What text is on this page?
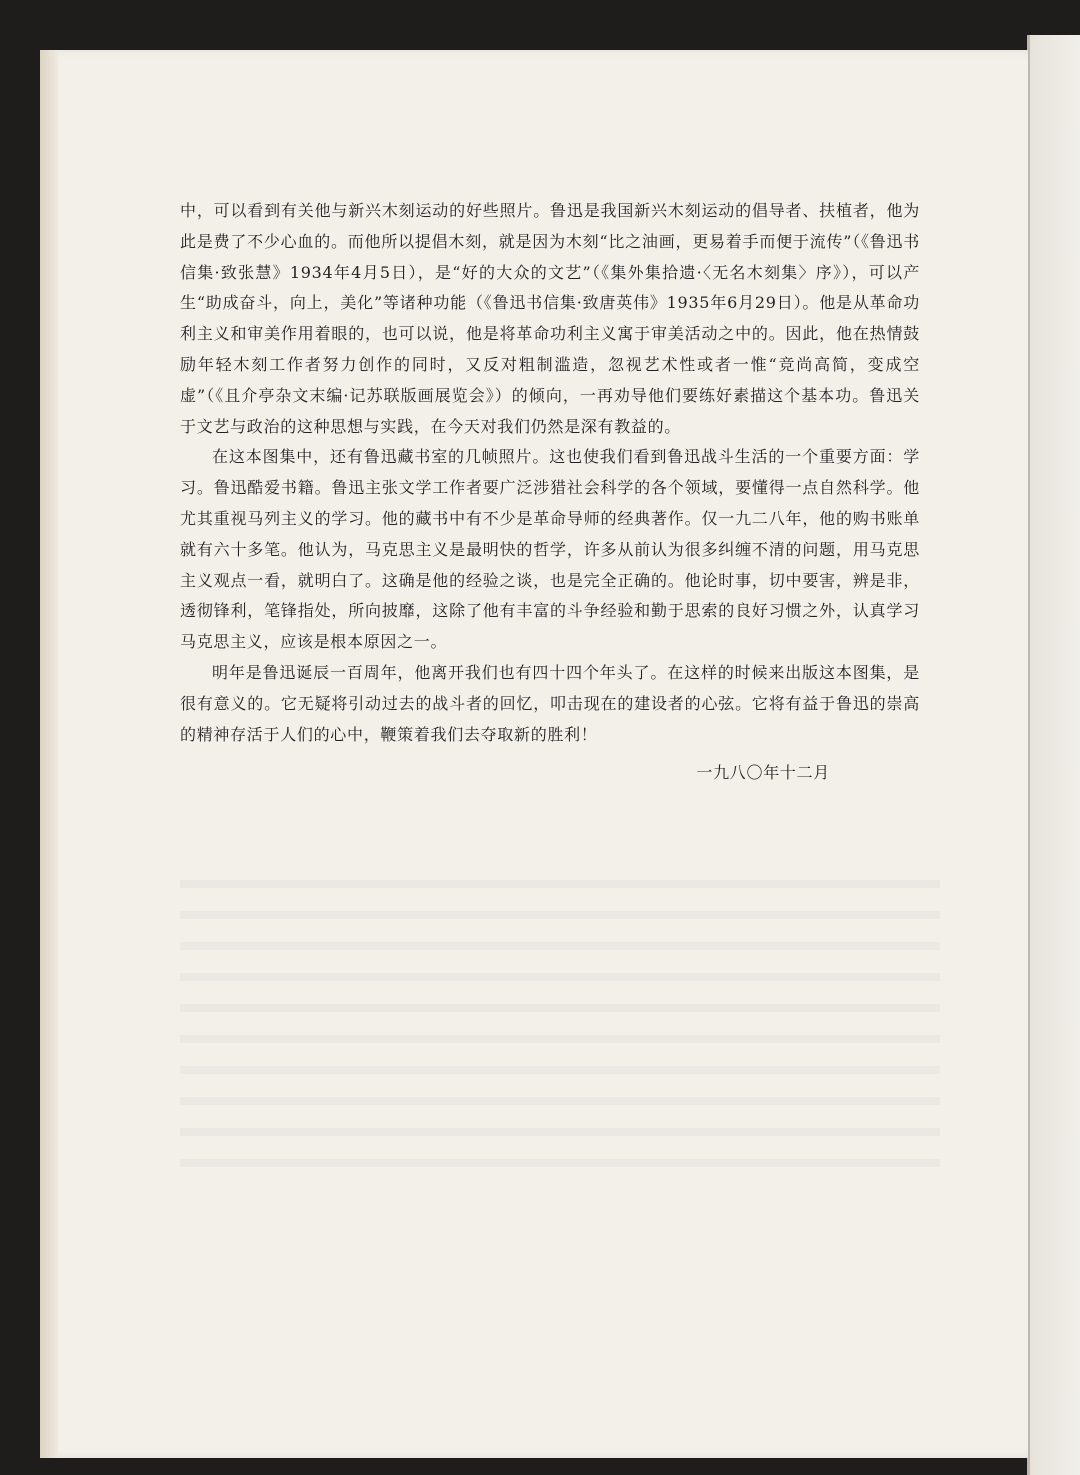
中，可以看到有关他与新兴木刻运动的好些照片。鲁迅是我国新兴木刻运动的倡导者、扶植者，他为此是费了不少心血的。而他所以提倡木刻，就是因为木刻“比之油画，更易着手而便于流传”（《鲁迅书信集·致张慧》1934年4月5日），是“好的大众的文艺”（《集外集拾遗·〈无名木刻集〉序》），可以产生“助成奋斗，向上，美化”等诸种功能（《鲁迅书信集·致唐英伟》1935年6月29日）。他是从革命功利主义和审美作用着眼的，也可以说，他是将革命功利主义寓于审美活动之中的。因此，他在热情鼓励年轻木刻工作者努力创作的同时，又反对粗制滥造，忽视艺术性或者一惟“竞尚高简，变成空虚”（《且介亭杂文末编·记苏联版画展览会》）的倾向，一再劝导他们要练好素描这个基本功。鲁迅关于文艺与政治的这种思想与实践，在今天对我们仍然是深有教益的。

在这本图集中，还有鲁迅藏书室的几帧照片。这也使我们看到鲁迅战斗生活的一个重要方面：学习。鲁迅酷爱书籍。鲁迅主张文学工作者要广泛涉猎社会科学的各个领域，要懂得一点自然科学。他尤其重视马列主义的学习。他的藏书中有不少是革命导师的经典著作。仅一九二八年，他的购书账单就有六十多笔。他认为，马克思主义是最明快的哲学，许多从前认为很多纠缠不清的问题，用马克思主义观点一看，就明白了。这确是他的经验之谈，也是完全正确的。他论时事，切中要害，辨是非，透彻锋利，笔锋指处，所向披靡，这除了他有丰富的斗争经验和勤于思索的良好习惯之外，认真学习马克思主义，应该是根本原因之一。

明年是鲁迅诞辰一百周年，他离开我们也有四十四个年头了。在这样的时候来出版这本图集，是很有意义的。它无疑将引动过去的战斗者的回忆，叩击现在的建设者的心弦。它将有益于鲁迅的崇高的精神存活于人们的心中，鞭策着我们去夺取新的胜利！

一九八〇年十二月
